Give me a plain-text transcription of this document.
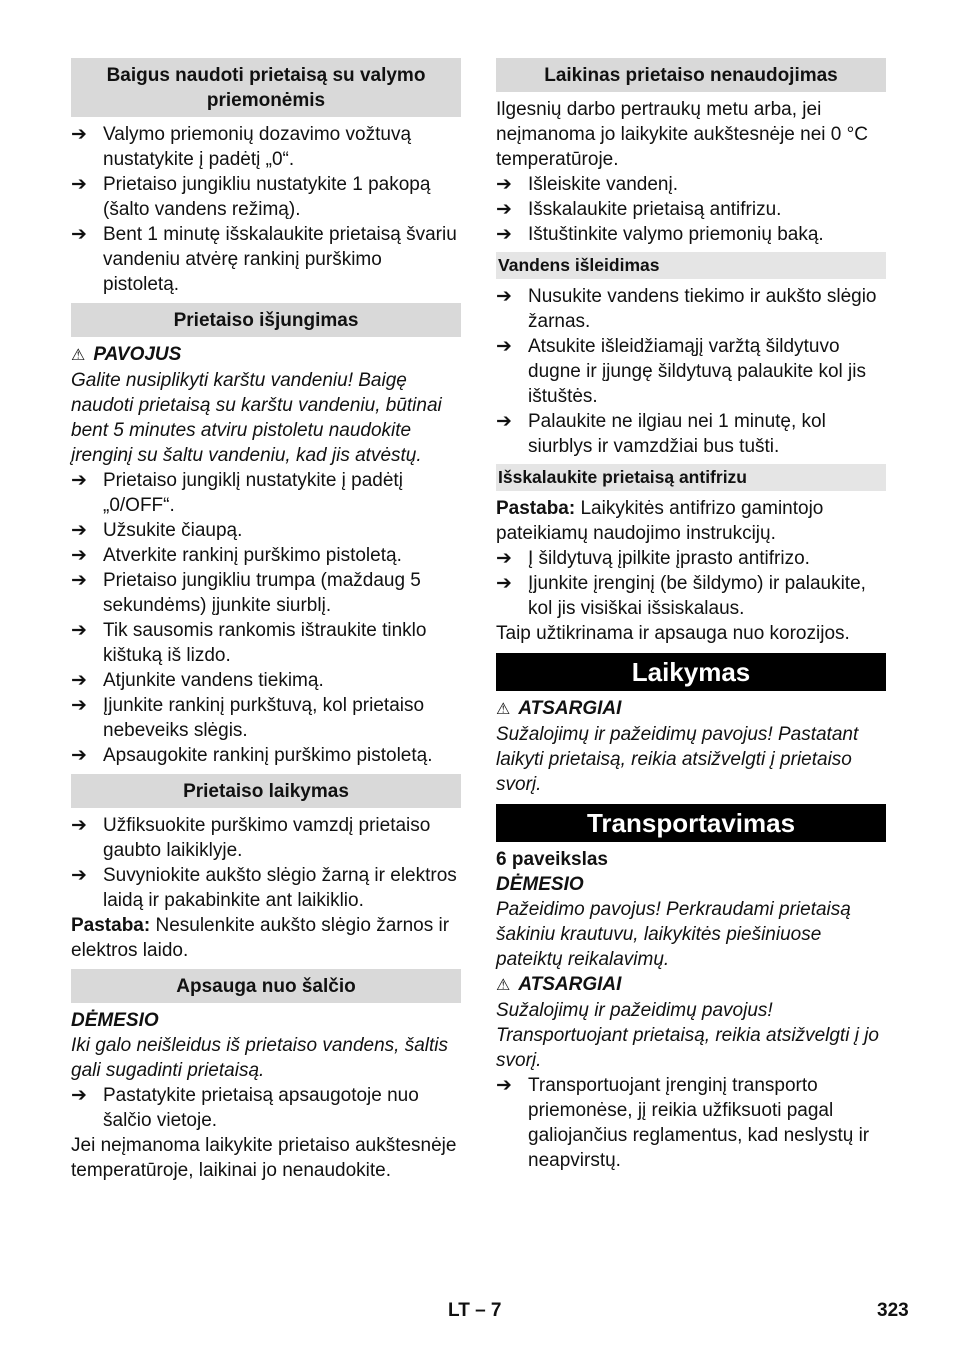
Baigus naudoti prietaisą su valymo priemonėmis
➔ Valymo priemonių dozavimo vožtuvą nustatykite į padėtį „0“.
➔ Prietaiso jungikliu nustatykite 1 pakopą (šalto vandens režimą).
➔ Bent 1 minutę išskalaukite prietaisą švariu vandeniu atvėrę rankinį purškimo pistoletą.
Prietaiso išjungimas
⚠ PAVOJUS
Galite nusiplikyti karštu vandeniu! Baigę naudoti prietaisą su karštu vandeniu, būtinai bent 5 minutes atviru pistoletu naudokite įrenginį su šaltu vandeniu, kad jis atvėstų.
➔ Prietaiso jungiklį nustatykite į padėtį „0/OFF“.
➔ Užsukite čiaupą.
➔ Atverkite rankinį purškimo pistoletą.
➔ Prietaiso jungikliu trumpa (maždaug 5 sekundėms) įjunkite siurblį.
➔ Tik sausomis rankomis ištraukite tinklo kištuką iš lizdo.
➔ Atjunkite vandens tiekimą.
➔ Įjunkite rankinį purkštuvą, kol prietaiso nebeveiks slėgis.
➔ Apsaugokite rankinį purškimo pistoletą.
Prietaiso laikymas
➔ Užfiksuokite purškimo vamzdį prietaiso gaubto laikiklyje.
➔ Suvyniokite aukšto slėgio žarną ir elektros laidą ir pakabinkite ant laikiklio.
Pastaba: Nesulenkite aukšto slėgio žarnos ir elektros laido.
Apsauga nuo šalčio
DĖMESIO
Iki galo neišleidus iš prietaiso vandens, šaltis gali sugadinti prietaisą.
➔ Pastatykite prietaisą apsaugotoje nuo šalčio vietoje.
Jei neįmanoma laikykite prietaiso aukštesnėje temperatūroje, laikinai jo nenaudokite.
Laikinas prietaiso nenaudojimas
Ilgesnių darbo pertraukų metu arba, jei neįmanoma jo laikykite aukštesnėje nei 0 °C temperatūroje.
➔ Išleiskite vandenį.
➔ Išskalaukite prietaisą antifrizu.
➔ Ištuštinkite valymo priemonių baką.
Vandens išleidimas
➔ Nusukite vandens tiekimo ir aukšto slėgio žarnas.
➔ Atsukite išleidžiamąjį varžtą šildytuvo dugne ir įjungę šildytuvą palaukite kol jis ištuštės.
➔ Palaukite ne ilgiau nei 1 minutę, kol siurblys ir vamzdžiai bus tušti.
Išskalaukite prietaisą antifrizu
Pastaba: Laikykitės antifrizo gamintojo pateikiamų naudojimo instrukcijų.
➔ Į šildytuvą įpilkite įprasto antifrizo.
➔ Įjunkite įrenginį (be šildymo) ir palaukite, kol jis visiškai išsiskalaus.
Taip užtikrinama ir apsauga nuo korozijos.
Laikymas
⚠ ATSARGIAI
Sužalojimų ir pažeidimų pavojus! Pastatant laikyti prietaisą, reikia atsižvelgti į prietaiso svorį.
Transportavimas
6 paveikslas
DĖMESIO
Pažeidimo pavojus! Perkraudami prietaisą šakiniu krautuvu, laikykitės piešiniuose pateiktų reikalavimų.
⚠ ATSARGIAI
Sužalojimų ir pažeidimų pavojus! Transportuojant prietaisą, reikia atsižvelgti į jo svorį.
➔ Transportuojant įrenginį transporto priemonėse, jį reikia užfiksuoti pagal galiojančius reglamentus, kad neslystų ir neapvirstų.
LT – 7	323
